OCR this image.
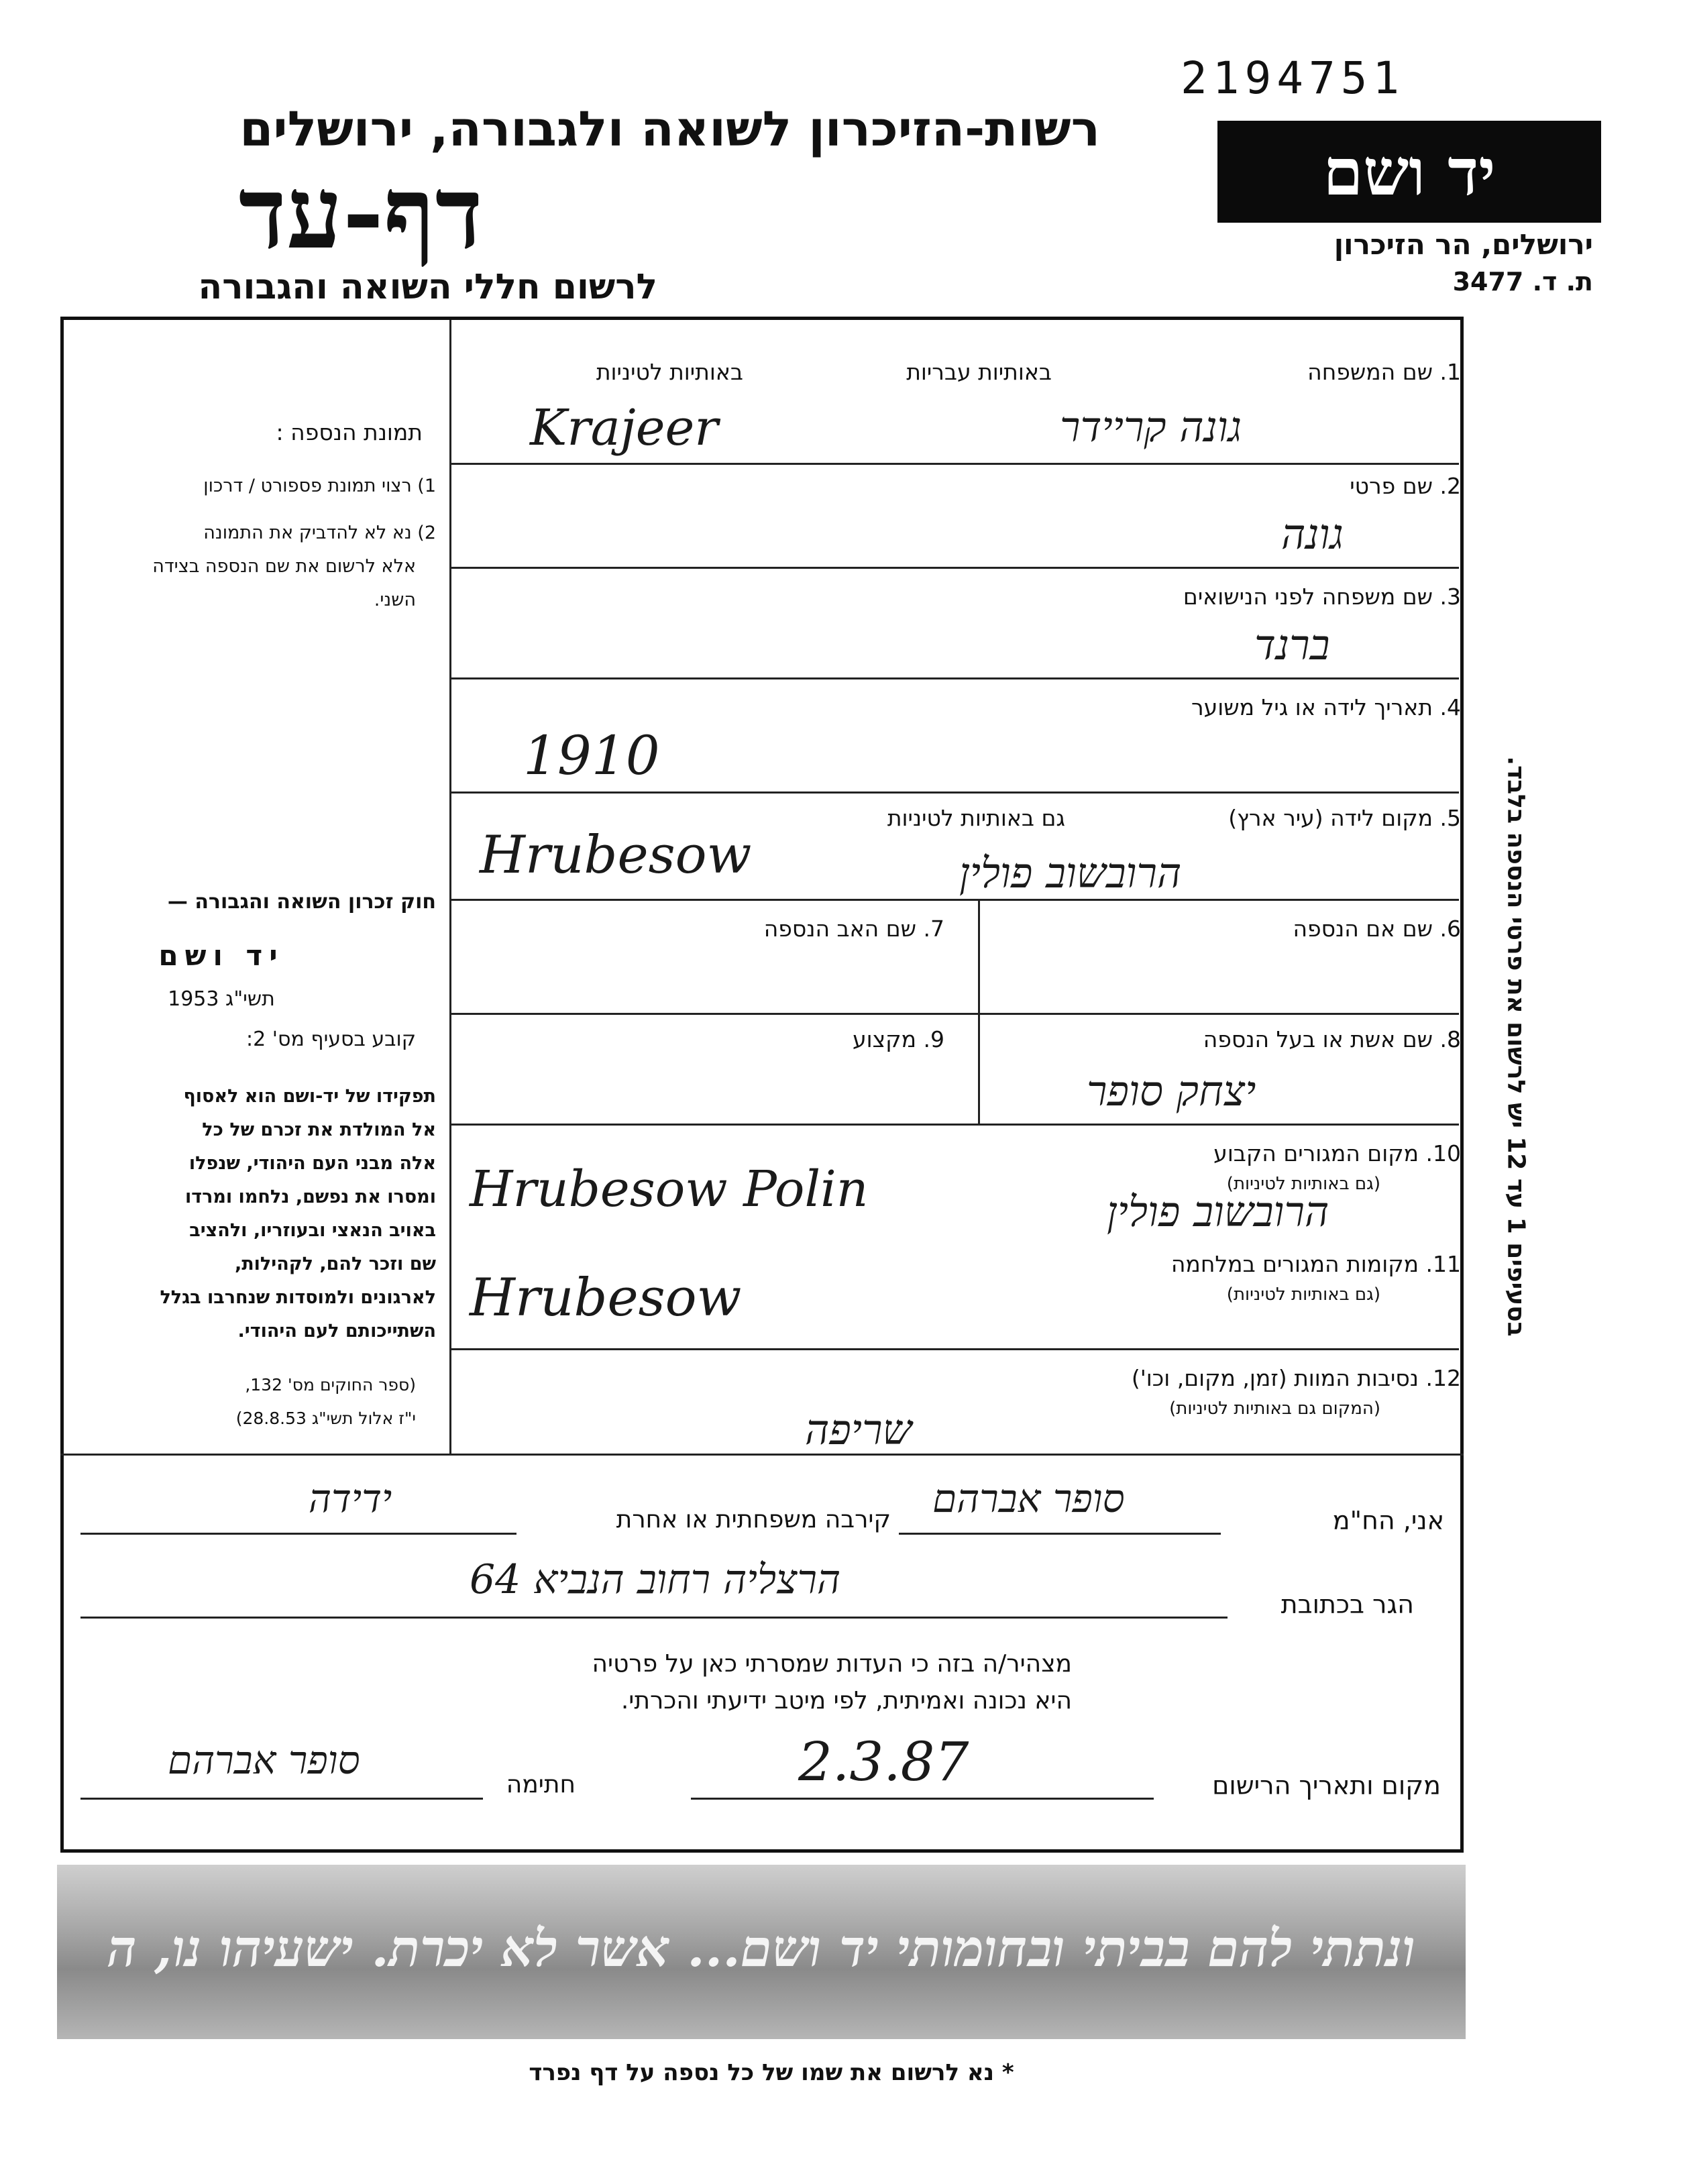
2194751
יד ושם
ירושלים, הר הזיכרון
ת. ד. 3477
רשות-הזיכרון לשואה ולגבורה, ירושלים
דף-עד
לרשום חללי השואה והגבורה
תמונת הנספה :
1) רצוי תמונת פספורט / דרכון
2) נא לא להדביק את התמונה
אלא לרשום את שם הנספה בצידה
השני.
חוק זכרון השואה והגבורה —
יד ושם
תשי"ג 1953
קובע בסעיף מס' 2:
תפקידו של יד-ושם הוא לאסוף
אל המולדת את זכרם של כל
אלה מבני העם היהודי, שנפלו
ומסרו את נפשם, נלחמו ומרדו
באויב הנאצי ובעוזריו, ולהציב
שם וזכר להם, לקהילות,
לארגונים ולמוסדות שנחרבו בגלל
השתייכותם לעם היהודי.
(ספר החוקים מס' 132,
י"ז אלול תשי"ג 28.8.53)
1. שם המשפחה
באותיות עבריות
באותיות לטיניות
גונה קריידר
Krajeer
2. שם פרטי
גונה
3. שם משפחה לפני הנישואים
ברנד
4. תאריך לידה או גיל משוער
1910
5. מקום לידה (עיר ארץ)
גם באותיות לטיניות
הרובשוב פולין
Hrubesow
6. שם אם הנספה
7. שם האב הנספה
8. שם אשת או בעל הנספה
9. מקצוע
יצחק סופר
10. מקום המגורים הקבוע
(גם באותיות לטיניות)
הרובשוב פולין
Hrubesow Polin
11. מקומות המגורים במלחמה
(גם באותיות לטיניות)
Hrubesow
12. נסיבות המוות (זמן, מקום, וכו')
(המקום גם באותיות לטיניות)
שריפה
אני, הח"מ
סופר אברהם
קירבה משפחתית או אחרת
ידידה
הגר בכתובת
הרצליה רחוב הנביא 64
מצהיר/ה בזה כי העדות שמסרתי כאן על פרטיה
היא נכונה ואמיתית, לפי מיטב ידיעתי והכרתי.
מקום ותאריך הרישום
2.3.87
חתימה
סופר אברהם
בסעיפים 1 עד 12 יש לרשום את פרטי הנספה בלבד.
ונתתי להם בביתי ובחומותי יד ושם... אשר לא יכרת. ישעיהו נו, ה
* נא לרשום את שמו של כל נספה על דף נפרד
